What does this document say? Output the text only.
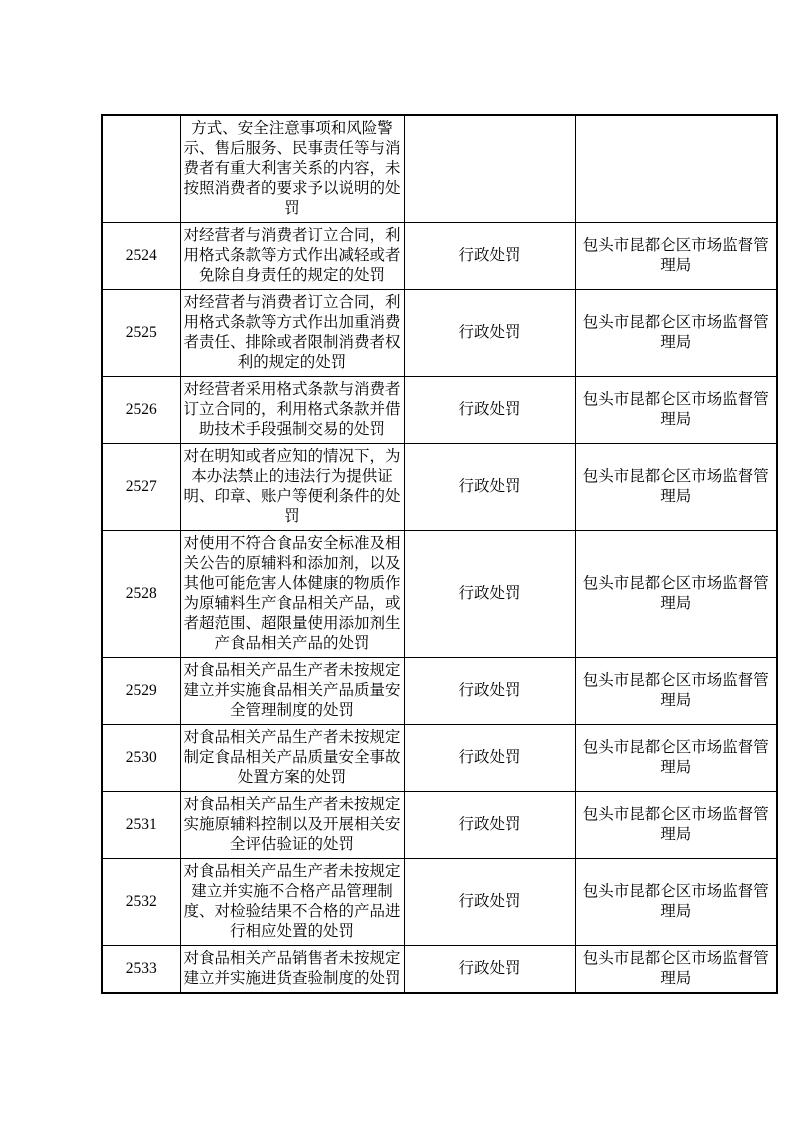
	方式、安全注意事项和风险警示、售后服务、民事责任等与消费者有重大利害关系的内容，未按照消费者的要求予以说明的处罚		
2524	对经营者与消费者订立合同，利用格式条款等方式作出减轻或者免除自身责任的规定的处罚	行政处罚	包头市昆都仑区市场监督管理局
2525	对经营者与消费者订立合同，利用格式条款等方式作出加重消费者责任、排除或者限制消费者权利的规定的处罚	行政处罚	包头市昆都仑区市场监督管理局
2526	对经营者采用格式条款与消费者订立合同的，利用格式条款并借助技术手段强制交易的处罚	行政处罚	包头市昆都仑区市场监督管理局
2527	对在明知或者应知的情况下，为本办法禁止的违法行为提供证明、印章、账户等便利条件的处罚	行政处罚	包头市昆都仑区市场监督管理局
2528	对使用不符合食品安全标准及相关公告的原辅料和添加剂，以及其他可能危害人体健康的物质作为原辅料生产食品相关产品，或者超范围、超限量使用添加剂生产食品相关产品的处罚	行政处罚	包头市昆都仑区市场监督管理局
2529	对食品相关产品生产者未按规定建立并实施食品相关产品质量安全管理制度的处罚	行政处罚	包头市昆都仑区市场监督管理局
2530	对食品相关产品生产者未按规定制定食品相关产品质量安全事故处置方案的处罚	行政处罚	包头市昆都仑区市场监督管理局
2531	对食品相关产品生产者未按规定实施原辅料控制以及开展相关安全评估验证的处罚	行政处罚	包头市昆都仑区市场监督管理局
2532	对食品相关产品生产者未按规定建立并实施不合格产品管理制度、对检验结果不合格的产品进行相应处置的处罚	行政处罚	包头市昆都仑区市场监督管理局
2533	对食品相关产品销售者未按规定建立并实施进货查验制度的处罚	行政处罚	包头市昆都仑区市场监督管理局
